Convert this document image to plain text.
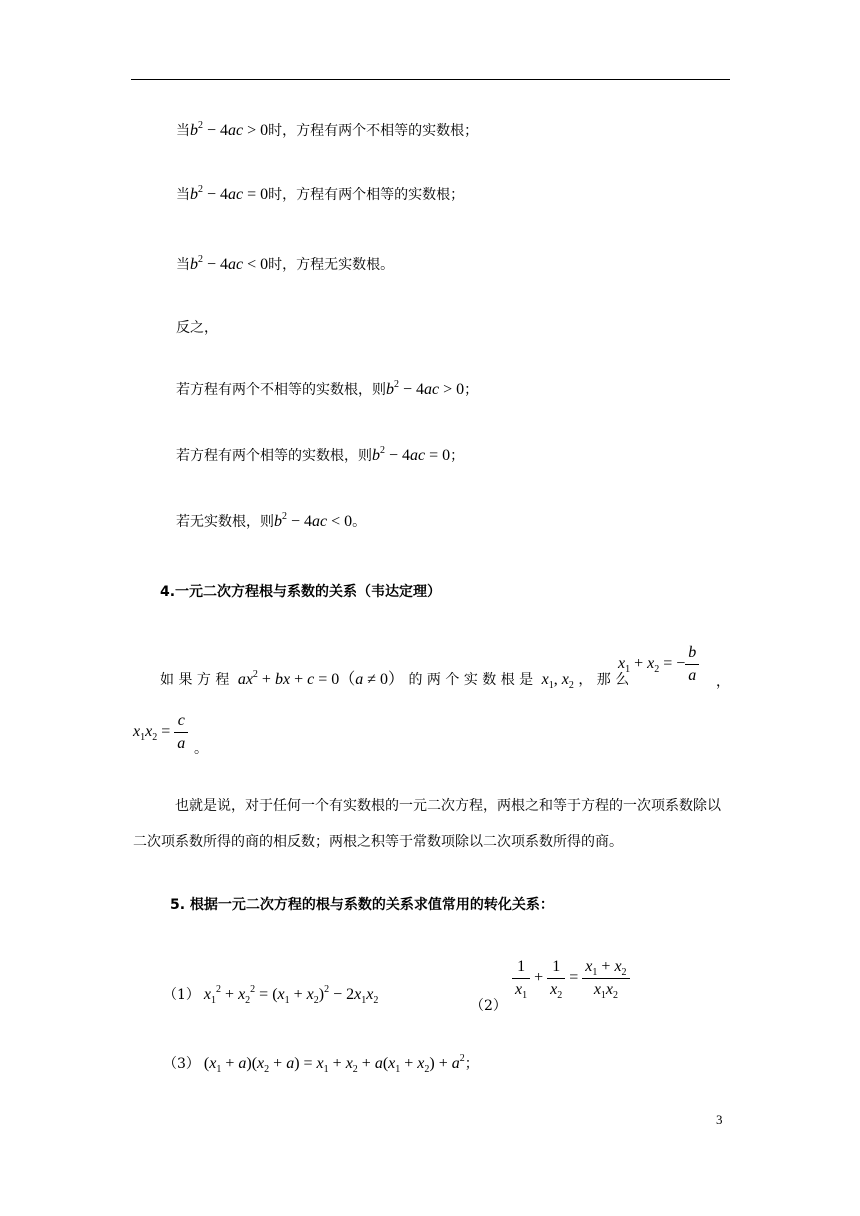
当$b^2 - 4ac > 0$时，方程有两个不相等的实数根；
当$b^2 - 4ac = 0$时，方程有两个相等的实数根；
当$b^2 - 4ac < 0$时，方程无实数根。
反之，
若方程有两个不相等的实数根，则$b^2 - 4ac > 0$；
若方程有两个相等的实数根，则$b^2 - 4ac = 0$；
若无实数根，则$b^2 - 4ac < 0$。
4.一元二次方程根与系数的关系（韦达定理）
如 果 方 程 $ax^2$ + bx + c = 0（a ≠ 0） 的 两 个 实 数 根 是 $x_1$, $x_2$ ， 那 么
$x_1 + x_2$ = − $\frac{b}{a}$ ，
$x_1x_2 = \frac{c}{a}$ 。
也就是说，对于任何一个有实数根的一元二次方程，两根之和等于方程的一次项系数除以二次项系数所得的商的相反数；两根之积等于常数项除以二次项系数所得的商。
5. 根据一元二次方程的根与系数的关系求值常用的转化关系：
（1） $x_1^2 + x_2^2 = (x_1 + x_2)^2 - 2x_1x_2$	（2）
$\frac{1}{x_1} + \frac{1}{x_2} = \frac{x_1 + x_2}{x_1x_2}$
（3） $(x_1 + a)(x_2 + a) = x_1 + x_2 + a(x_1 + x_2) + a^2$；
3
